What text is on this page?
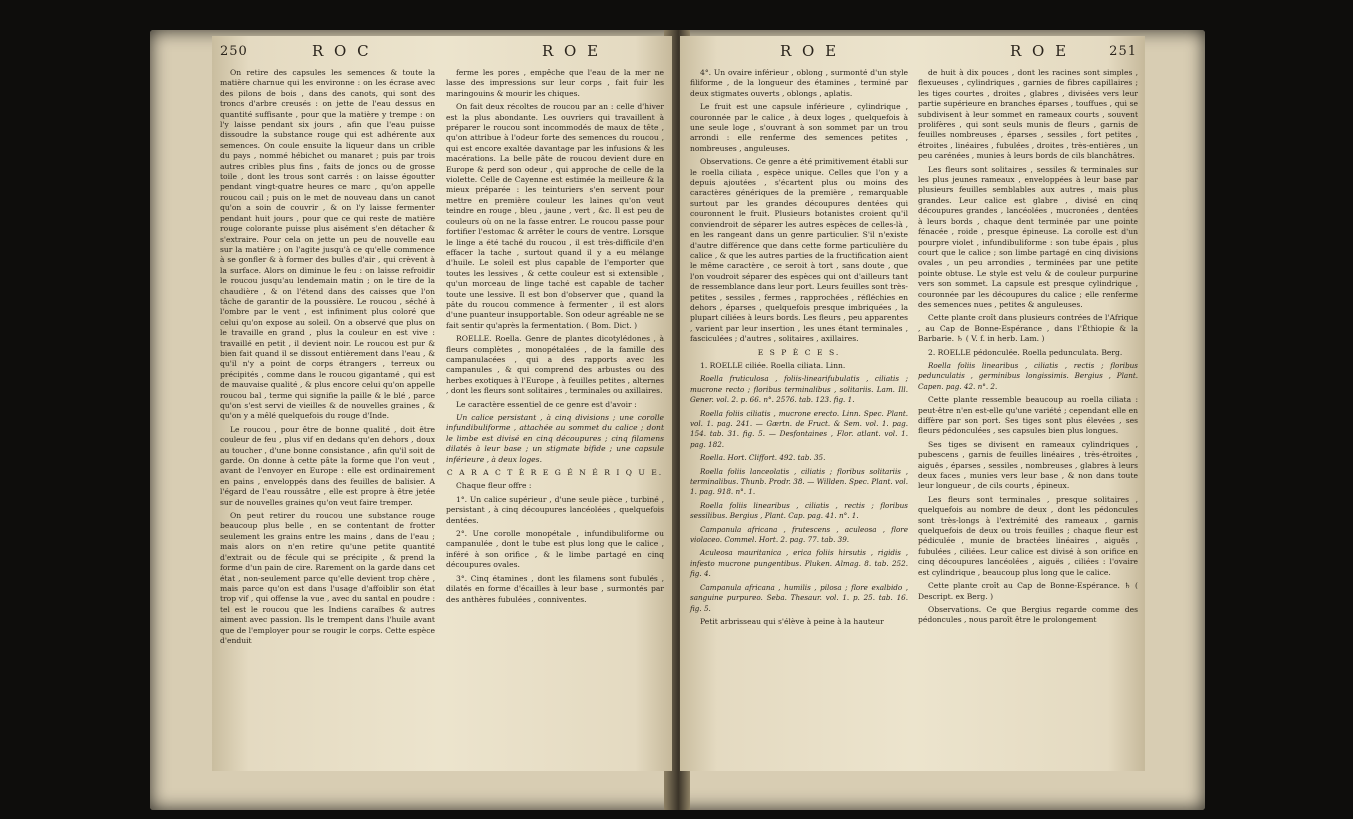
250	R O C	R O E

On retire des capsules les semences & toute la matière charnue qui les environne : on les écrase avec des pilons de bois , dans des canots, qui sont des troncs d'arbre creusés : on jette de l'eau dessus en quantité suffisante , pour que la matière y trempe : on l'y laisse pendant six jours , afin que l'eau puisse dissoudre la substance rouge qui est adhérente aux semences. On coule ensuite la liqueur dans un crible du pays , nommé hébichet ou manaret ; puis par trois autres cribles plus fins , faits de joncs ou de grosse toile , dont les trous sont carrés : on laisse égoutter pendant vingt-quatre heures ce marc , qu'on appelle roucou cail ; puis on le met de nouveau dans un canot qu'on a soin de couvrir , & on l'y laisse fermenter pendant huit jours , pour que ce qui reste de matière rouge colorante puisse plus aisément s'en détacher & s'extraire. Pour cela on jette un peu de nouvelle eau sur la matière ; on l'agite jusqu'à ce qu'elle commence à se gonfler & à former des bulles d'air , qui crèvent à la surface. Alors on diminue le feu : on laisse refroidir le roucou jusqu'au lendemain matin ; on le tire de la chaudière , & on l'étend dans des caisses que l'on tâche de garantir de la poussière. Le roucou , séché à l'ombre par le vent , est infiniment plus coloré que celui qu'on expose au soleil. On a observé que plus on le travaille en grand , plus la couleur en est vive : travaillé en petit , il devient noir. Le roucou est pur & bien fait quand il se dissout entièrement dans l'eau , & qu'il n'y a point de corps étrangers , terreux ou précipités , comme dans le roucou gigantamé , qui est de mauvaise qualité , & plus encore celui qu'on appelle roucou bal , terme qui signifie la paille & le blé , parce qu'on s'est servi de vieilles & de nouvelles graines , & qu'on y a mêlé quelquefois du rouge d'Inde.

Le roucou , pour être de bonne qualité , doit être couleur de feu , plus vif en dedans qu'en dehors , doux au toucher , d'une bonne consistance , afin qu'il soit de garde. On donne à cette pâte la forme que l'on veut , avant de l'envoyer en Europe : elle est ordinairement en pains , enveloppés dans des feuilles de balisier. A l'égard de l'eau roussâtre , elle est propre à être jetée sur de nouvelles graines qu'on veut faire tremper.

On peut retirer du roucou une substance rouge beaucoup plus belle , en se contentant de frotter seulement les grains entre les mains , dans de l'eau ; mais alors on n'en retire qu'une petite quantité d'extrait ou de fécule qui se précipite , & prend la forme d'un pain de cire. Rarement on la garde dans cet état , non-seulement parce qu'elle devient trop chère , mais parce qu'on est dans l'usage d'affoiblir son état trop vif , qui offense la vue , avec du santal en poudre : tel est le roucou que les Indiens caraïbes & autres aiment avec passion. Ils le trempent dans l'huile avant que de l'employer pour se rougir le corps. Cette espèce d'enduit

ferme les pores , empêche que l'eau de la mer ne lasse des impressions sur leur corps , fait fuir les maringouins & mourir les chiques.

On fait deux récoltes de roucou par an : celle d'hiver est la plus abondante. Les ouvriers qui travaillent à préparer le roucou sont incommodés de maux de tête , qu'on attribue à l'odeur forte des semences du roucou , qui est encore exaltée davantage par les infusions & les macérations. La belle pâte de roucou devient dure en Europe & perd son odeur , qui approche de celle de la violette. Celle de Cayenne est estimée la meilleure & la mieux préparée : les teinturiers s'en servent pour mettre en première couleur les laines qu'on veut teindre en rouge , bleu , jaune , vert , &c. Il est peu de couleurs où on ne la fasse entrer. Le roucou passe pour fortifier l'estomac & arrêter le cours de ventre. Lorsque le linge a été taché du roucou , il est très-difficile d'en effacer la tache , surtout quand il y a eu mélange d'huile. Le soleil est plus capable de l'emporter que toutes les lessives , & cette couleur est si extensible , qu'un morceau de linge taché est capable de tacher toute une lessive. Il est bon d'observer que , quand la pâte du roucou commence à fermenter , il est alors d'une puanteur insupportable. Son odeur agréable ne se fait sentir qu'après la fermentation. ( Bom. Dict. )

ROELLE. Roella. Genre de plantes dicotylédones , à fleurs complètes , monopétalées , de la famille des campanulacées , qui a des rapports avec les campanules , & qui comprend des arbustes ou des herbes exotiques à l'Europe , à feuilles petites , alternes , dont les fleurs sont solitaires , terminales ou axillaires.

Le caractère essentiel de ce genre est d'avoir :

Un calice persistant , à cinq divisions ; une corolle infundibuliforme , attachée au sommet du calice ; dont le limbe est divisé en cinq découpures ; cinq filamens dilatés à leur base ; un stigmate bifide ; une capsule inférieure , à deux loges.

C A R A C T È R E G É N É R I Q U E.

Chaque fleur offre :

1°. Un calice supérieur , d'une seule pièce , turbiné , persistant , à cinq découpures lancéolées , quelquefois dentées.

2°. Une corolle monopétale , infundibuliforme ou campanulée , dont le tube est plus long que le calice , inféré à son orifice , & le limbe partagé en cinq découpures ovales.

3°. Cinq étamines , dont les filamens sont fubulés , dilatés en forme d'écailles à leur base , surmontés par des anthères fubulées , conniventes.

R O E	R O E	251

4°. Un ovaire inférieur , oblong , surmonté d'un style filiforme , de la longueur des étamines , terminé par deux stigmates ouverts , oblongs , aplatis.

Le fruit est une capsule inférieure , cylindrique , couronnée par le calice , à deux loges , quelquefois à une seule loge , s'ouvrant à son sommet par un trou arrondi : elle renferme des semences petites , nombreuses , anguleuses.

Observations. Ce genre a été primitivement établi sur le roella ciliata , espèce unique. Celles que l'on y a depuis ajoutées , s'écartent plus ou moins des caractères génériques de la première , remarquable surtout par les grandes découpures dentées qui couronnent le fruit. Plusieurs botanistes croient qu'il conviendroit de séparer les autres espèces de celles-là , en les rangeant dans un genre particulier. S'il n'existe d'autre différence que dans cette forme particulière du calice , & que les autres parties de la fructification aient le même caractère , ce seroit à tort , sans doute , que l'on voudroit séparer des espèces qui ont d'ailleurs tant de ressemblance dans leur port. Leurs feuilles sont très-petites , sessiles , fermes , rapprochées , réfléchies en dehors , éparses , quelquefois presque imbriquées , la plupart ciliées à leurs bords. Les fleurs , peu apparentes , varient par leur insertion , les unes étant terminales , fasciculées ; d'autres , solitaires , axillaires.

E S P È C E S.

1. ROELLE ciliée. Roella ciliata. Linn.

Roella fruticulosa , foliis-linearifubulatis , ciliatis ; mucrone recto ; floribus terminalibus , solitariis. Lam. Ill. Gener. vol. 2. p. 66. n°. 2576. tab. 123. fig. 1.

Roella foliis ciliatis , mucrone erecto. Linn. Spec. Plant. vol. 1. pag. 241. — Gærtn. de Fruct. & Sem. vol. 1. pag. 154. tab. 31. fig. 5. — Desfontaines , Flor. atlant. vol. 1. pag. 182.

Roella. Hort. Cliffort. 492. tab. 35.

Roella foliis lanceolatis , ciliatis ; floribus solitariis , terminalibus. Thunb. Prodr. 38. — Willden. Spec. Plant. vol. 1. pag. 918. n°. 1.

Roella foliis linearibus , ciliatis , rectis ; floribus sessilibus. Bergius , Plant. Cap. pag. 41. n°. 1.

Campanula africana , frutescens , aculeosa , flore violaceo. Commel. Hort. 2. pag. 77. tab. 39.

Aculeosa mauritanica , erica foliis hirsutis , rigidis , infesto mucrone pungentibus. Pluken. Almag. 8. tab. 252. fig. 4.

Campanula africana , humilis , pilosa ; flore exalbido , sanguine purpureo. Seba. Thesaur. vol. 1. p. 25. tab. 16. fig. 5.

Petit arbrisseau qui s'élève à peine à la hauteur

de huit à dix pouces , dont les racines sont simples , flexueuses , cylindriques , garnies de fibres capillaires ; les tiges courtes , droites , glabres , divisées vers leur partie supérieure en branches éparses , touffues , qui se subdivisent à leur sommet en rameaux courts , souvent prolifères , qui sont seuls munis de fleurs , garnis de feuilles nombreuses , éparses , sessiles , fort petites , étroites , linéaires , fubulées , droites , très-entières , un peu carénées , munies à leurs bords de cils blanchâtres.

Les fleurs sont solitaires , sessiles & terminales sur les plus jeunes rameaux , enveloppées à leur base par plusieurs feuilles semblables aux autres , mais plus grandes. Leur calice est glabre , divisé en cinq découpures grandes , lancéolées , mucronées , dentées à leurs bords , chaque dent terminée par une pointe fénacée , roide , presque épineuse. La corolle est d'un pourpre violet , infundibuliforme : son tube épais , plus court que le calice ; son limbe partagé en cinq divisions ovales , un peu arrondies , terminées par une petite pointe obtuse. Le style est velu & de couleur purpurine vers son sommet. La capsule est presque cylindrique , couronnée par les découpures du calice ; elle renferme des semences nues , petites & anguleuses.

Cette plante croît dans plusieurs contrées de l'Afrique , au Cap de Bonne-Espérance , dans l'Éthiopie & la Barbarie. ♄ ( V. f. in herb. Lam. )

2. ROELLE pédonculée. Roella pedunculata. Berg.

Roella foliis linearibus , ciliatis , rectis ; floribus pedunculatis , germinibus longissimis. Bergius , Plant. Capen. pag. 42. n°. 2.

Cette plante ressemble beaucoup au roella ciliata : peut-être n'en est-elle qu'une variété ; cependant elle en diffère par son port. Ses tiges sont plus élevées , ses fleurs pédonculées , ses capsules bien plus longues.

Ses tiges se divisent en rameaux cylindriques , pubescens , garnis de feuilles linéaires , très-étroites , aiguës , éparses , sessiles , nombreuses , glabres à leurs deux faces , munies vers leur base , & non dans toute leur longueur , de cils courts , épineux.

Les fleurs sont terminales , presque solitaires , quelquefois au nombre de deux , dont les pédoncules sont très-longs à l'extrémité des rameaux , garnis quelquefois de deux ou trois feuilles ; chaque fleur est pédiculée , munie de bractées linéaires , aiguës , fubulées , ciliées. Leur calice est divisé à son orifice en cinq découpures lancéolées , aiguës , ciliées : l'ovaire est cylindrique , beaucoup plus long que le calice.

Cette plante croît au Cap de Bonne-Espérance. ♄ ( Descript. ex Berg. )

Observations. Ce que Bergius regarde comme des pédoncules , nous paroît être le prolongement
